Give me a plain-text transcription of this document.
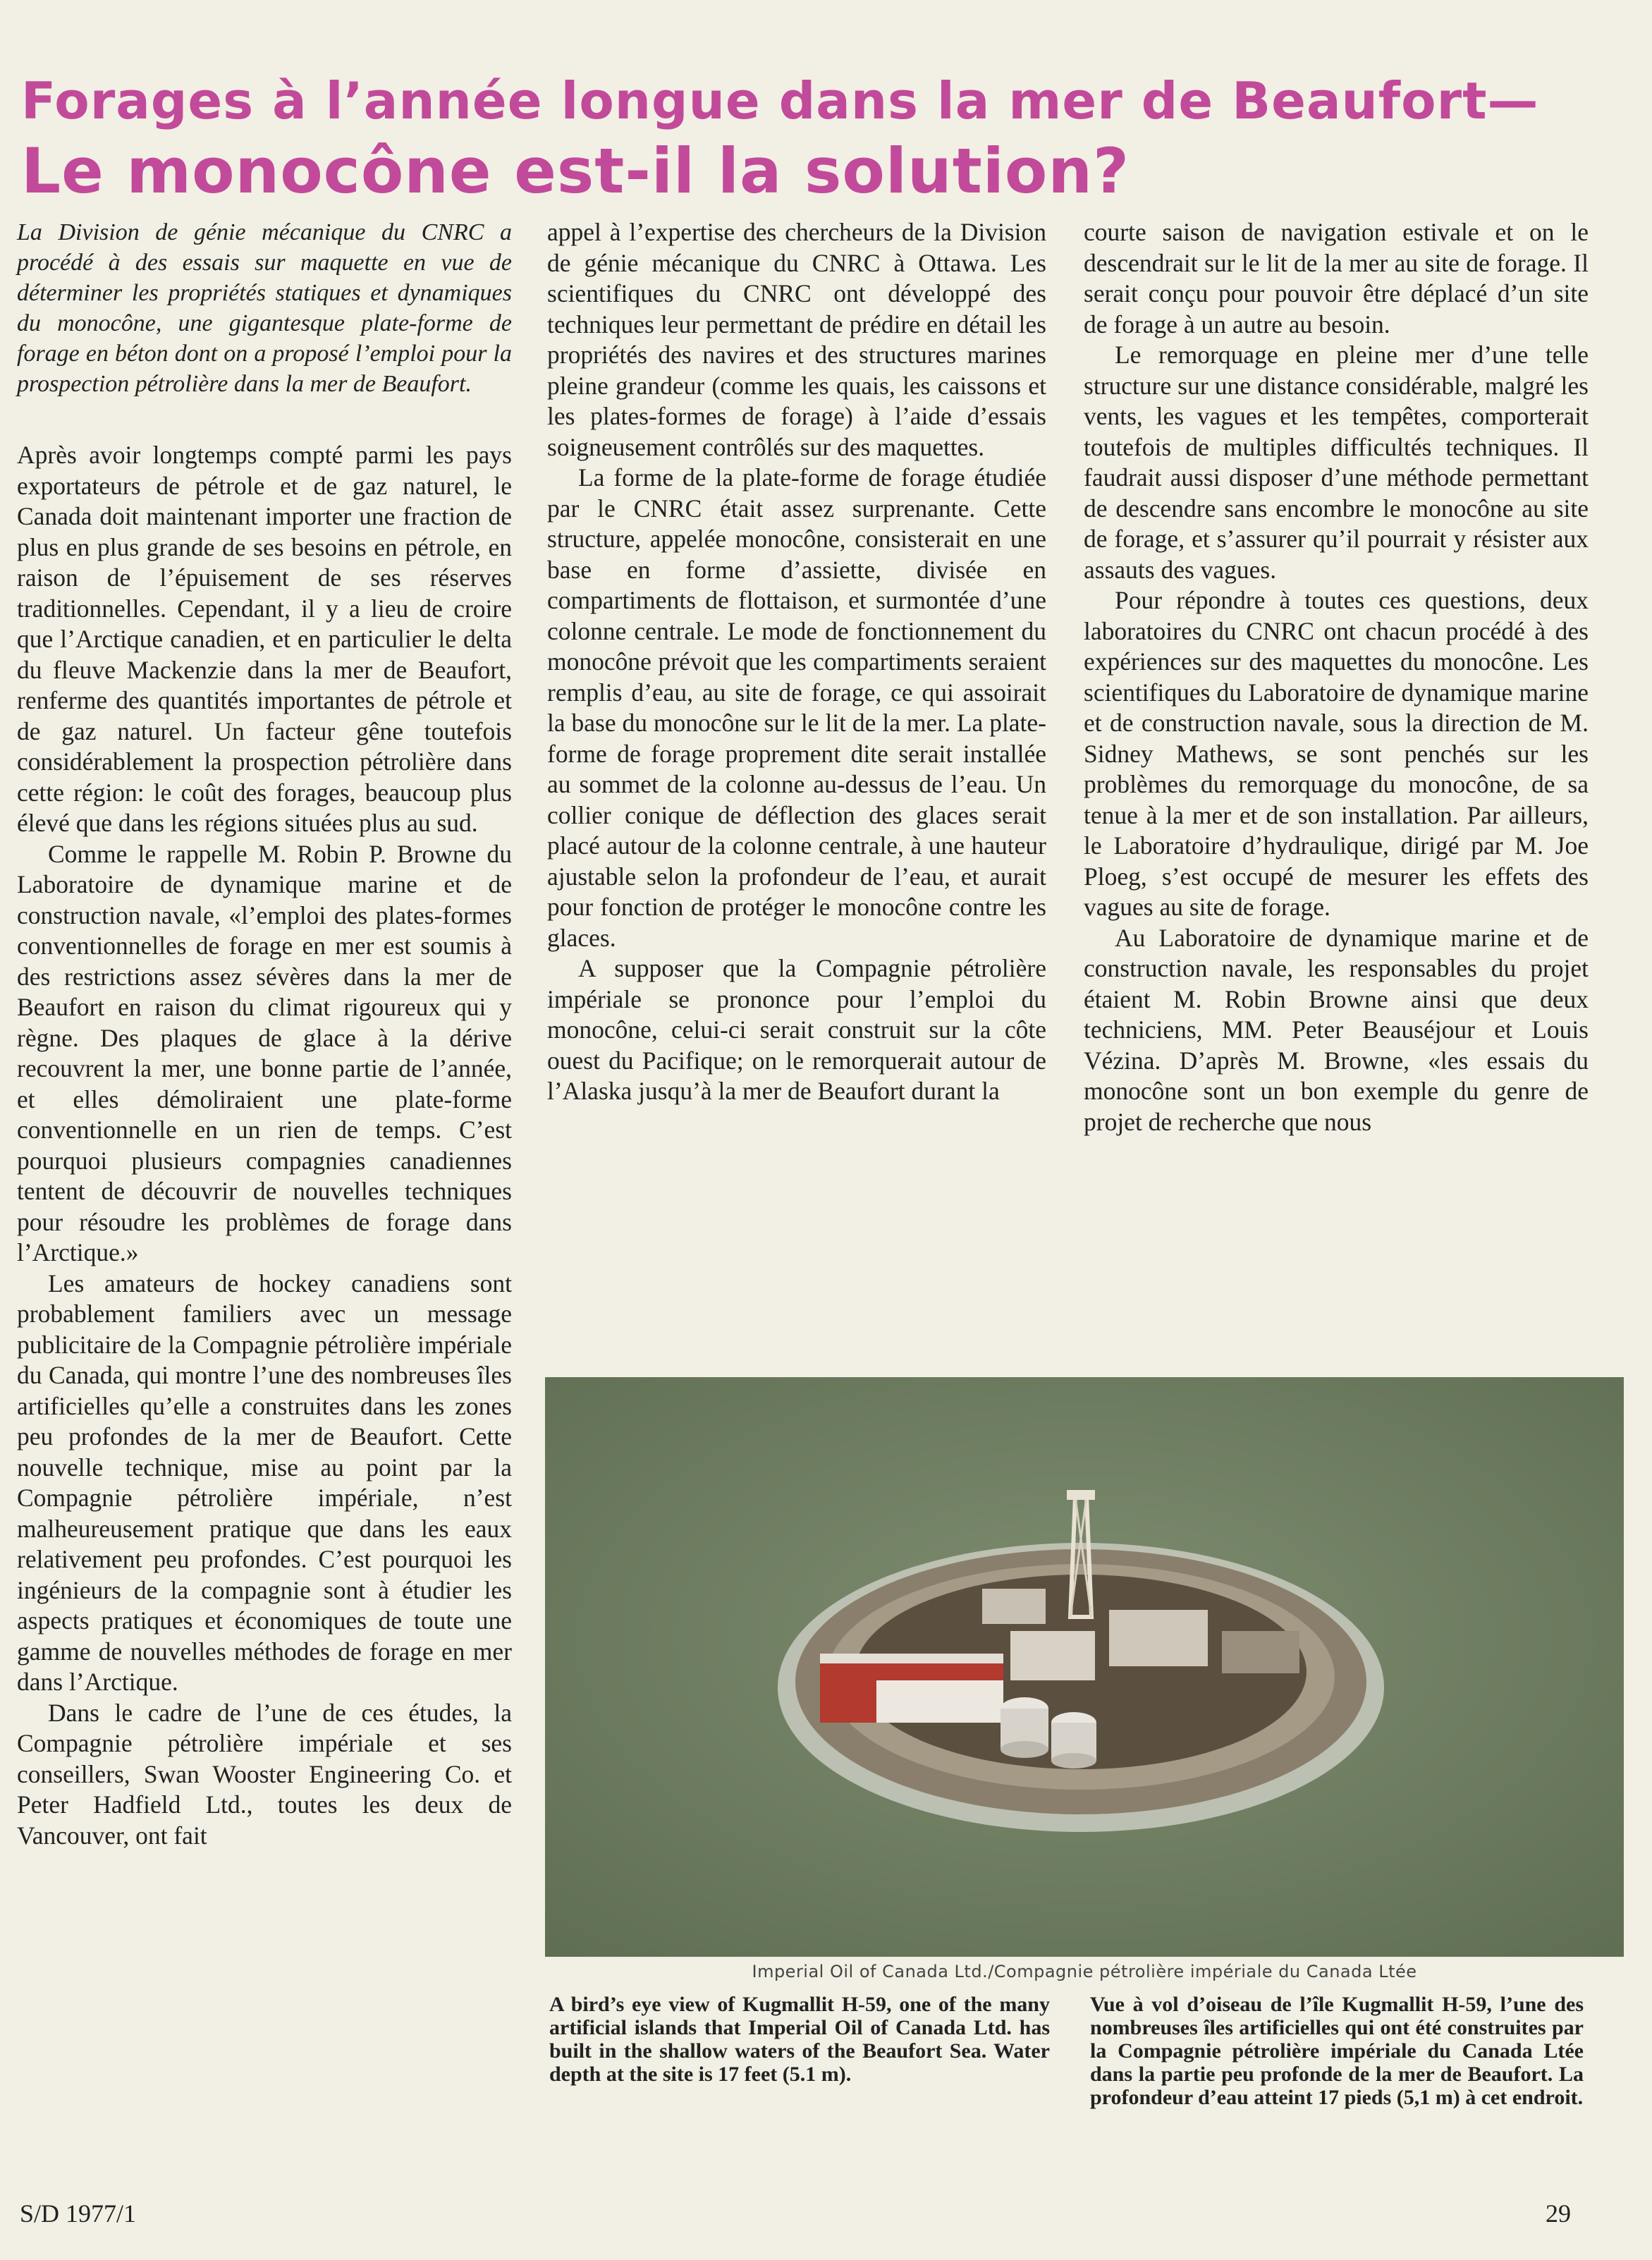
Forages à l’année longue dans la mer de Beaufort—
Le monocône est-il la solution?

La Division de génie mécanique du CNRC a procédé à des essais sur maquette en vue de déterminer les propriétés statiques et dynamiques du monocône, une gigantesque plate-forme de forage en béton dont on a proposé l’emploi pour la prospection pétrolière dans la mer de Beaufort.

Après avoir longtemps compté parmi les pays exportateurs de pétrole et de gaz naturel, le Canada doit maintenant importer une fraction de plus en plus grande de ses besoins en pétrole, en raison de l’épuisement de ses réserves traditionnelles. Cependant, il y a lieu de croire que l’Arctique canadien, et en particulier le delta du fleuve Mackenzie dans la mer de Beaufort, renferme des quantités importantes de pétrole et de gaz naturel. Un facteur gêne toutefois considérablement la prospection pétrolière dans cette région: le coût des forages, beaucoup plus élevé que dans les régions situées plus au sud.

Comme le rappelle M. Robin P. Browne du Laboratoire de dynamique marine et de construction navale, «l’emploi des plates-formes conventionnelles de forage en mer est soumis à des restrictions assez sévères dans la mer de Beaufort en raison du climat rigoureux qui y règne. Des plaques de glace à la dérive recouvrent la mer, une bonne partie de l’année, et elles démoliraient une plate-forme conventionnelle en un rien de temps. C’est pourquoi plusieurs compagnies canadiennes tentent de découvrir de nouvelles techniques pour résoudre les problèmes de forage dans l’Arctique.»

Les amateurs de hockey canadiens sont probablement familiers avec un message publicitaire de la Compagnie pétrolière impériale du Canada, qui montre l’une des nombreuses îles artificielles qu’elle a construites dans les zones peu profondes de la mer de Beaufort. Cette nouvelle technique, mise au point par la Compagnie pétrolière impériale, n’est malheureusement pratique que dans les eaux relativement peu profondes. C’est pourquoi les ingénieurs de la compagnie sont à étudier les aspects pratiques et économiques de toute une gamme de nouvelles méthodes de forage en mer dans l’Arctique.

Dans le cadre de l’une de ces études, la Compagnie pétrolière impériale et ses conseillers, Swan Wooster Engineering Co. et Peter Hadfield Ltd., toutes les deux de Vancouver, ont fait

appel à l’expertise des chercheurs de la Division de génie mécanique du CNRC à Ottawa. Les scientifiques du CNRC ont développé des techniques leur permettant de prédire en détail les propriétés des navires et des structures marines pleine grandeur (comme les quais, les caissons et les plates-formes de forage) à l’aide d’essais soigneusement contrôlés sur des maquettes.

La forme de la plate-forme de forage étudiée par le CNRC était assez surprenante. Cette structure, appelée monocône, consisterait en une base en forme d’assiette, divisée en compartiments de flottaison, et surmontée d’une colonne centrale. Le mode de fonctionnement du monocône prévoit que les compartiments seraient remplis d’eau, au site de forage, ce qui assoirait la base du monocône sur le lit de la mer. La plate-forme de forage proprement dite serait installée au sommet de la colonne au-dessus de l’eau. Un collier conique de déflection des glaces serait placé autour de la colonne centrale, à une hauteur ajustable selon la profondeur de l’eau, et aurait pour fonction de protéger le monocône contre les glaces.

A supposer que la Compagnie pétrolière impériale se prononce pour l’emploi du monocône, celui-ci serait construit sur la côte ouest du Pacifique; on le remorquerait autour de l’Alaska jusqu’à la mer de Beaufort durant la

courte saison de navigation estivale et on le descendrait sur le lit de la mer au site de forage. Il serait conçu pour pouvoir être déplacé d’un site de forage à un autre au besoin.

Le remorquage en pleine mer d’une telle structure sur une distance considérable, malgré les vents, les vagues et les tempêtes, comporterait toutefois de multiples difficultés techniques. Il faudrait aussi disposer d’une méthode permettant de descendre sans encombre le monocône au site de forage, et s’assurer qu’il pourrait y résister aux assauts des vagues.

Pour répondre à toutes ces questions, deux laboratoires du CNRC ont chacun procédé à des expériences sur des maquettes du monocône. Les scientifiques du Laboratoire de dynamique marine et de construction navale, sous la direction de M. Sidney Mathews, se sont penchés sur les problèmes du remorquage du monocône, de sa tenue à la mer et de son installation. Par ailleurs, le Laboratoire d’hydraulique, dirigé par M. Joe Ploeg, s’est occupé de mesurer les effets des vagues au site de forage.

Au Laboratoire de dynamique marine et de construction navale, les responsables du projet étaient M. Robin Browne ainsi que deux techniciens, MM. Peter Beauséjour et Louis Vézina. D’après M. Browne, «les essais du monocône sont un bon exemple du genre de projet de recherche que nous

Imperial Oil of Canada Ltd./Compagnie pétrolière impériale du Canada Ltée

A bird’s eye view of Kugmallit H-59, one of the many artificial islands that Imperial Oil of Canada Ltd. has built in the shallow waters of the Beaufort Sea. Water depth at the site is 17 feet (5.1 m).

Vue à vol d’oiseau de l’île Kugmallit H-59, l’une des nombreuses îles artificielles qui ont été construites par la Compagnie pétrolière impériale du Canada Ltée dans la partie peu profonde de la mer de Beaufort. La profondeur d’eau atteint 17 pieds (5,1 m) à cet endroit.

S/D 1977/1	29
